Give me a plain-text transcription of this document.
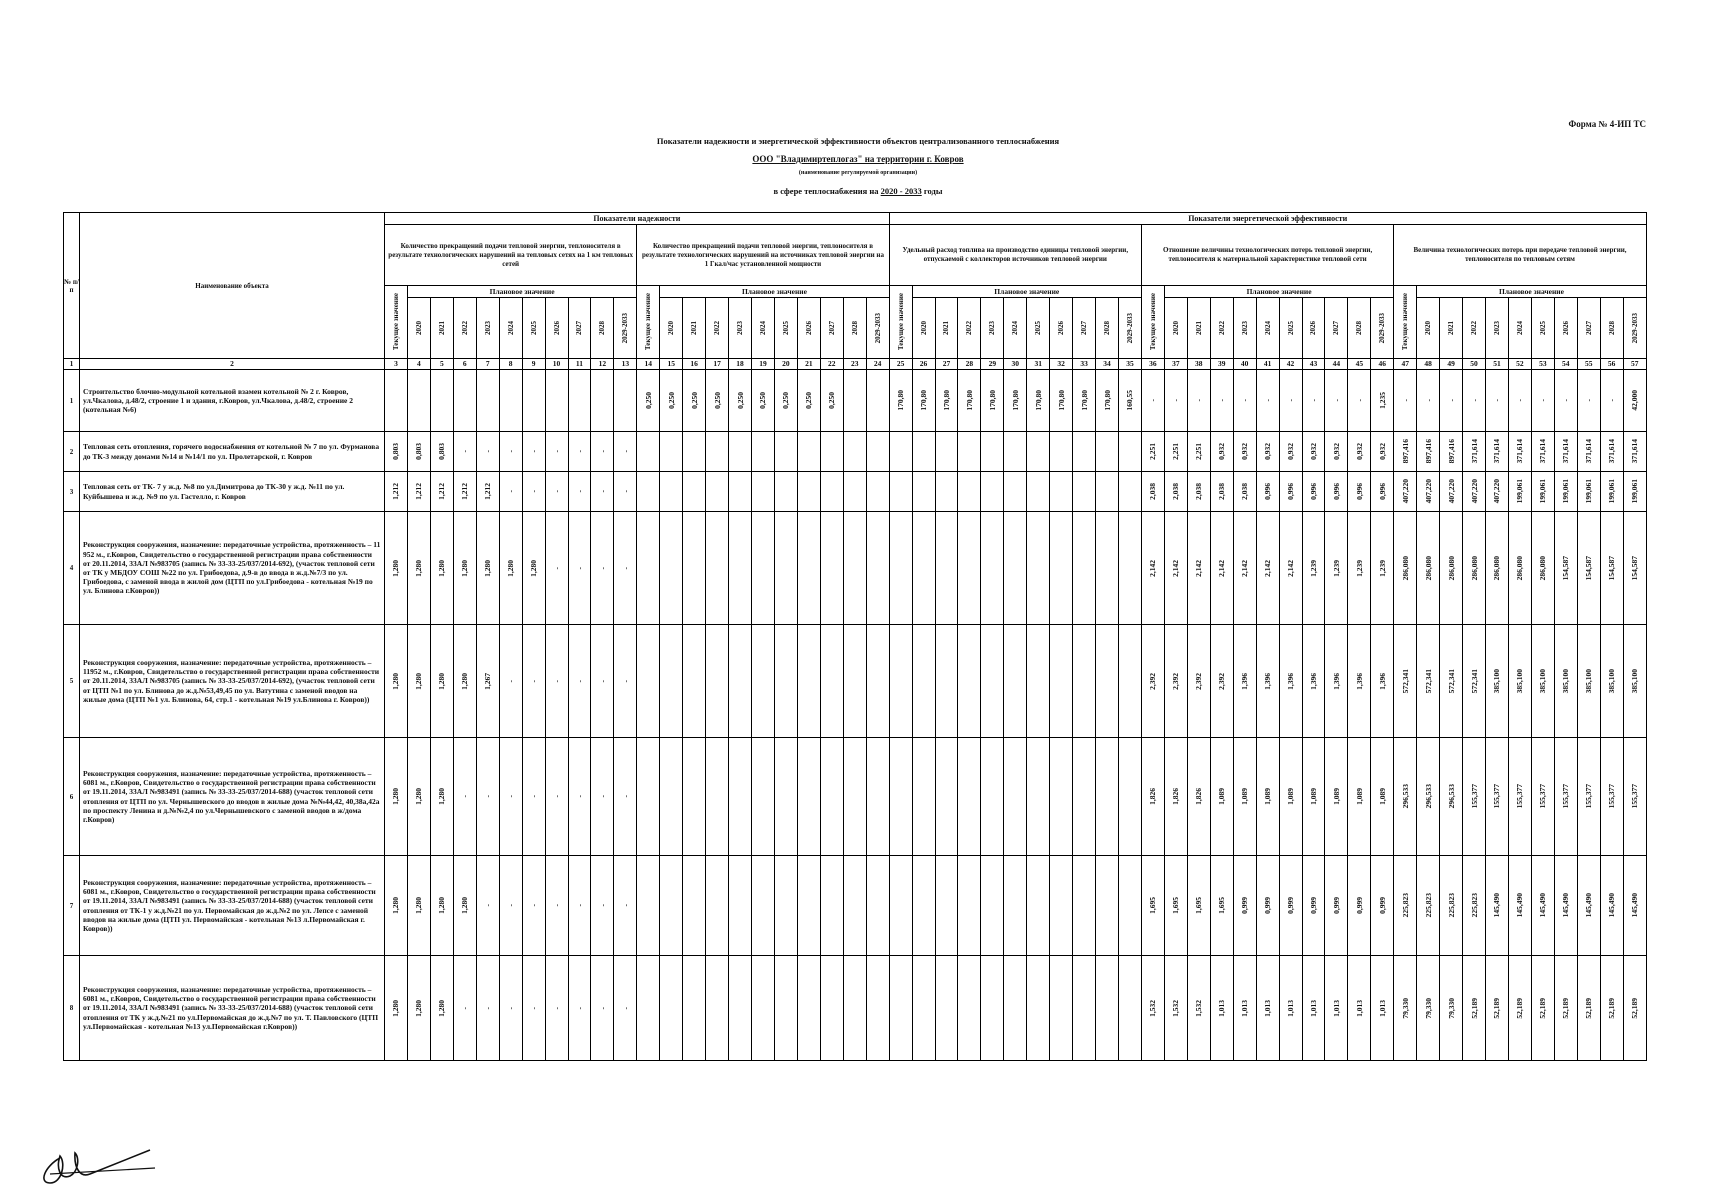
Форма № 4-ИП ТС
Показатели надежности и энергетической эффективности объектов централизованного теплоснабжения
ООО "Владимиртеплогаз" на территории г. Ковров
(наименование регулируемой организации)
в сфере теплоснабжения на 2020 - 2033 годы
№ п/ п	Наименование объекта	Показатели надежности																						Показатели энергетической эффективности																																
		Количество прекращений подачи тепловой энергии, теплоносителя в результате технологических нарушений на тепловых сетях на 1 км тепловых сетей											Количество прекращений подачи тепловой энергии, теплоносителя в результате технологических нарушений на источниках тепловой энергии на 1 Гкал/час установленной мощности											Удельный расход топлива на производство единицы тепловой энергии, отпускаемой с коллекторов источников тепловой энергии											Отношение величины технологических потерь тепловой энергии, теплоносителя к материальной характеристике тепловой сети											Величина технологических потерь при передаче тепловой энергии, теплоносителя по тепловым сетям										

		Текущее значение	Плановое значение										Текущее значение	Плановое значение										Текущее значение	Плановое значение										Текущее значение	Плановое значение										Текущее значение	Плановое значение									

			2020	2021	2022	2023	2024	2025	2026	2027	2028	2029-2033		2020	2021	2022	2023	2024	2025	2026	2027	2028	2029-2033		2020	2021	2022	2023	2024	2025	2026	2027	2028	2029-2033		2020	2021	2022	2023	2024	2025	2026	2027	2028	2029-2033		2020	2021	2022	2023	2024	2025	2026	2027	2028	2029-2033

1	2	3	4	5	6	7	8	9	10	11	12	13	14	15	16	17	18	19	20	21	22	23	24	25	26	27	28	29	30	31	32	33	34	35	36	37	38	39	40	41	42	43	44	45	46	47	48	49	50	51	52	53	54	55	56	57
1	Строительство блочно-модульной котельной взамен котельной № 2 г. Ковров, ул.Чкалова, д.48/2, строение 1 и здания, г.Ковров, ул.Чкалова, д.48/2, строение 2 (котельная №6)												0,250	0,250	0,250	0,250	0,250	0,250	0,250	0,250	0,250			170,80	170,80	170,80	170,80	170,80	170,80	170,80	170,80	170,80	170,80	160,55	-	-	-	-	-	-	-	-	-	-	1,235	-	-	-	-	-	-	-	-	-	-	42,000

2	Тепловая сеть отопления, горячего водоснабжения от котельной № 7 по ул. Фурманова до ТК-3 между домами №14 и №14/1 по ул. Пролетарской, г. Ковров	0,803	0,803	0,803	-	-	-	-	-	-	-	-																							2,251	2,251	2,251	0,932	0,932	0,932	0,932	0,932	0,932	0,932	0,932	897,416	897,416	897,416	371,614	371,614	371,614	371,614	371,614	371,614	371,614	371,614

3	Тепловая сеть от ТК- 7 у ж.д. №8 по ул.Димитрова до ТК-30 у ж.д. №11 по ул. Куйбышева и ж.д. №9 по ул. Гастелло, г. Ковров	1,212	1,212	1,212	1,212	1,212	-	-	-	-	-	-																							2,038	2,038	2,038	2,038	2,038	0,996	0,996	0,996	0,996	0,996	0,996	407,220	407,220	407,220	407,220	407,220	199,061	199,061	199,061	199,061	199,061	199,061

4	Реконструкция сооружения, назначение: передаточные устройства, протяженность – 11 952 м., г.Ковров, Свидетельство о государственной регистрации права собственности от 20.11.2014, 33АЛ №983705 (запись № 33-33-25/037/2014-692), (участок тепловой сети от ТК у МБДОУ СОШ №22 по ул. Грибоедова, д.9-в до ввода в ж.д.№7/3 по ул. Грибоедова, с заменой ввода в жилой дом (ЦТП по ул.Грибоедова - котельная №19 по ул. Блинова г.Ковров))	1,280	1,280	1,280	1,280	1,280	1,280	1,280	-	-	-	-																							2,142	2,142	2,142	2,142	2,142	2,142	2,142	1,239	1,239	1,239	1,239	286,080	286,080	286,080	286,080	286,080	286,080	286,080	154,587	154,587	154,587	154,587

5	Реконструкция сооружения, назначение: передаточные устройства, протяженность – 11952 м., г.Ковров, Свидетельство о государственной регистрации права собственности от 20.11.2014, 33АЛ №983705 (запись № 33-33-25/037/2014-692), (участок тепловой сети от ЦТП №1 по ул. Блинова до ж.д.№53,49,45 по ул. Ватутина с заменой вводов на жилые дома (ЦТП №1 ул. Блинова, 64, стр.1 - котельная №19 ул.Блинова г. Ковров))	1,280	1,280	1,280	1,280	1,267	-	-	-	-	-	-																							2,392	2,392	2,392	2,392	1,396	1,396	1,396	1,396	1,396	1,396	1,396	572,341	572,341	572,341	572,341	385,100	385,100	385,100	385,100	385,100	385,100	385,100

6	Реконструкция сооружения, назначение: передаточные устройства, протяженность – 6081 м., г.Ковров, Свидетельство о государственной регистрации права собственности от 19.11.2014, 33АЛ №983491 (запись № 33-33-25/037/2014-688) (участок тепловой сети отопления от ЦТП по ул. Чернышевского до вводов в жилые дома №№44,42, 40,38а,42а по проспекту Ленина и д.№№2,4 по ул.Чернышевского с заменой вводов в ж/дома г.Ковров)	1,280	1,280	1,280	-	-	-	-	-	-	-	-																							1,826	1,826	1,826	1,089	1,089	1,089	1,089	1,089	1,089	1,089	1,089	296,533	296,533	296,533	155,377	155,377	155,377	155,377	155,377	155,377	155,377	155,377

7	Реконструкция сооружения, назначение: передаточные устройства, протяженность – 6081 м., г.Ковров, Свидетельство о государственной регистрации права собственности от 19.11.2014, 33АЛ №983491 (запись № 33-33-25/037/2014-688) (участок тепловой сети отопления от ТК-1 у ж.д.№21 по ул. Первомайская до ж.д.№2 по ул. Лепсе с заменой вводов на жилые дома (ЦТП ул. Первомайская - котельная №13 л.Первомайская г. Ковров))	1,280	1,280	1,280	1,280	-	-	-	-	-	-	-																							1,695	1,695	1,695	1,695	0,999	0,999	0,999	0,999	0,999	0,999	0,999	225,823	225,823	225,823	225,823	145,490	145,490	145,490	145,490	145,490	145,490	145,490

8	Реконструкция сооружения, назначение: передаточные устройства, протяженность – 6081 м., г.Ковров, Свидетельство о государственной регистрации права собственности от 19.11.2014, 33АЛ №983491 (запись № 33-33-25/037/2014-688) (участок тепловой сети отопления от ТК у ж.д.№21 по ул.Первомайская до ж.д.№7 по ул. Т. Павловского (ЦТП ул.Первомайская - котельная №13 ул.Первомайская г.Ковров))	1,280	1,280	1,280	-	-	-	-	-	-	-	-																							1,532	1,532	1,532	1,013	1,013	1,013	1,013	1,013	1,013	1,013	1,013	79,330	79,330	79,330	52,189	52,189	52,189	52,189	52,189	52,189	52,189	52,189
